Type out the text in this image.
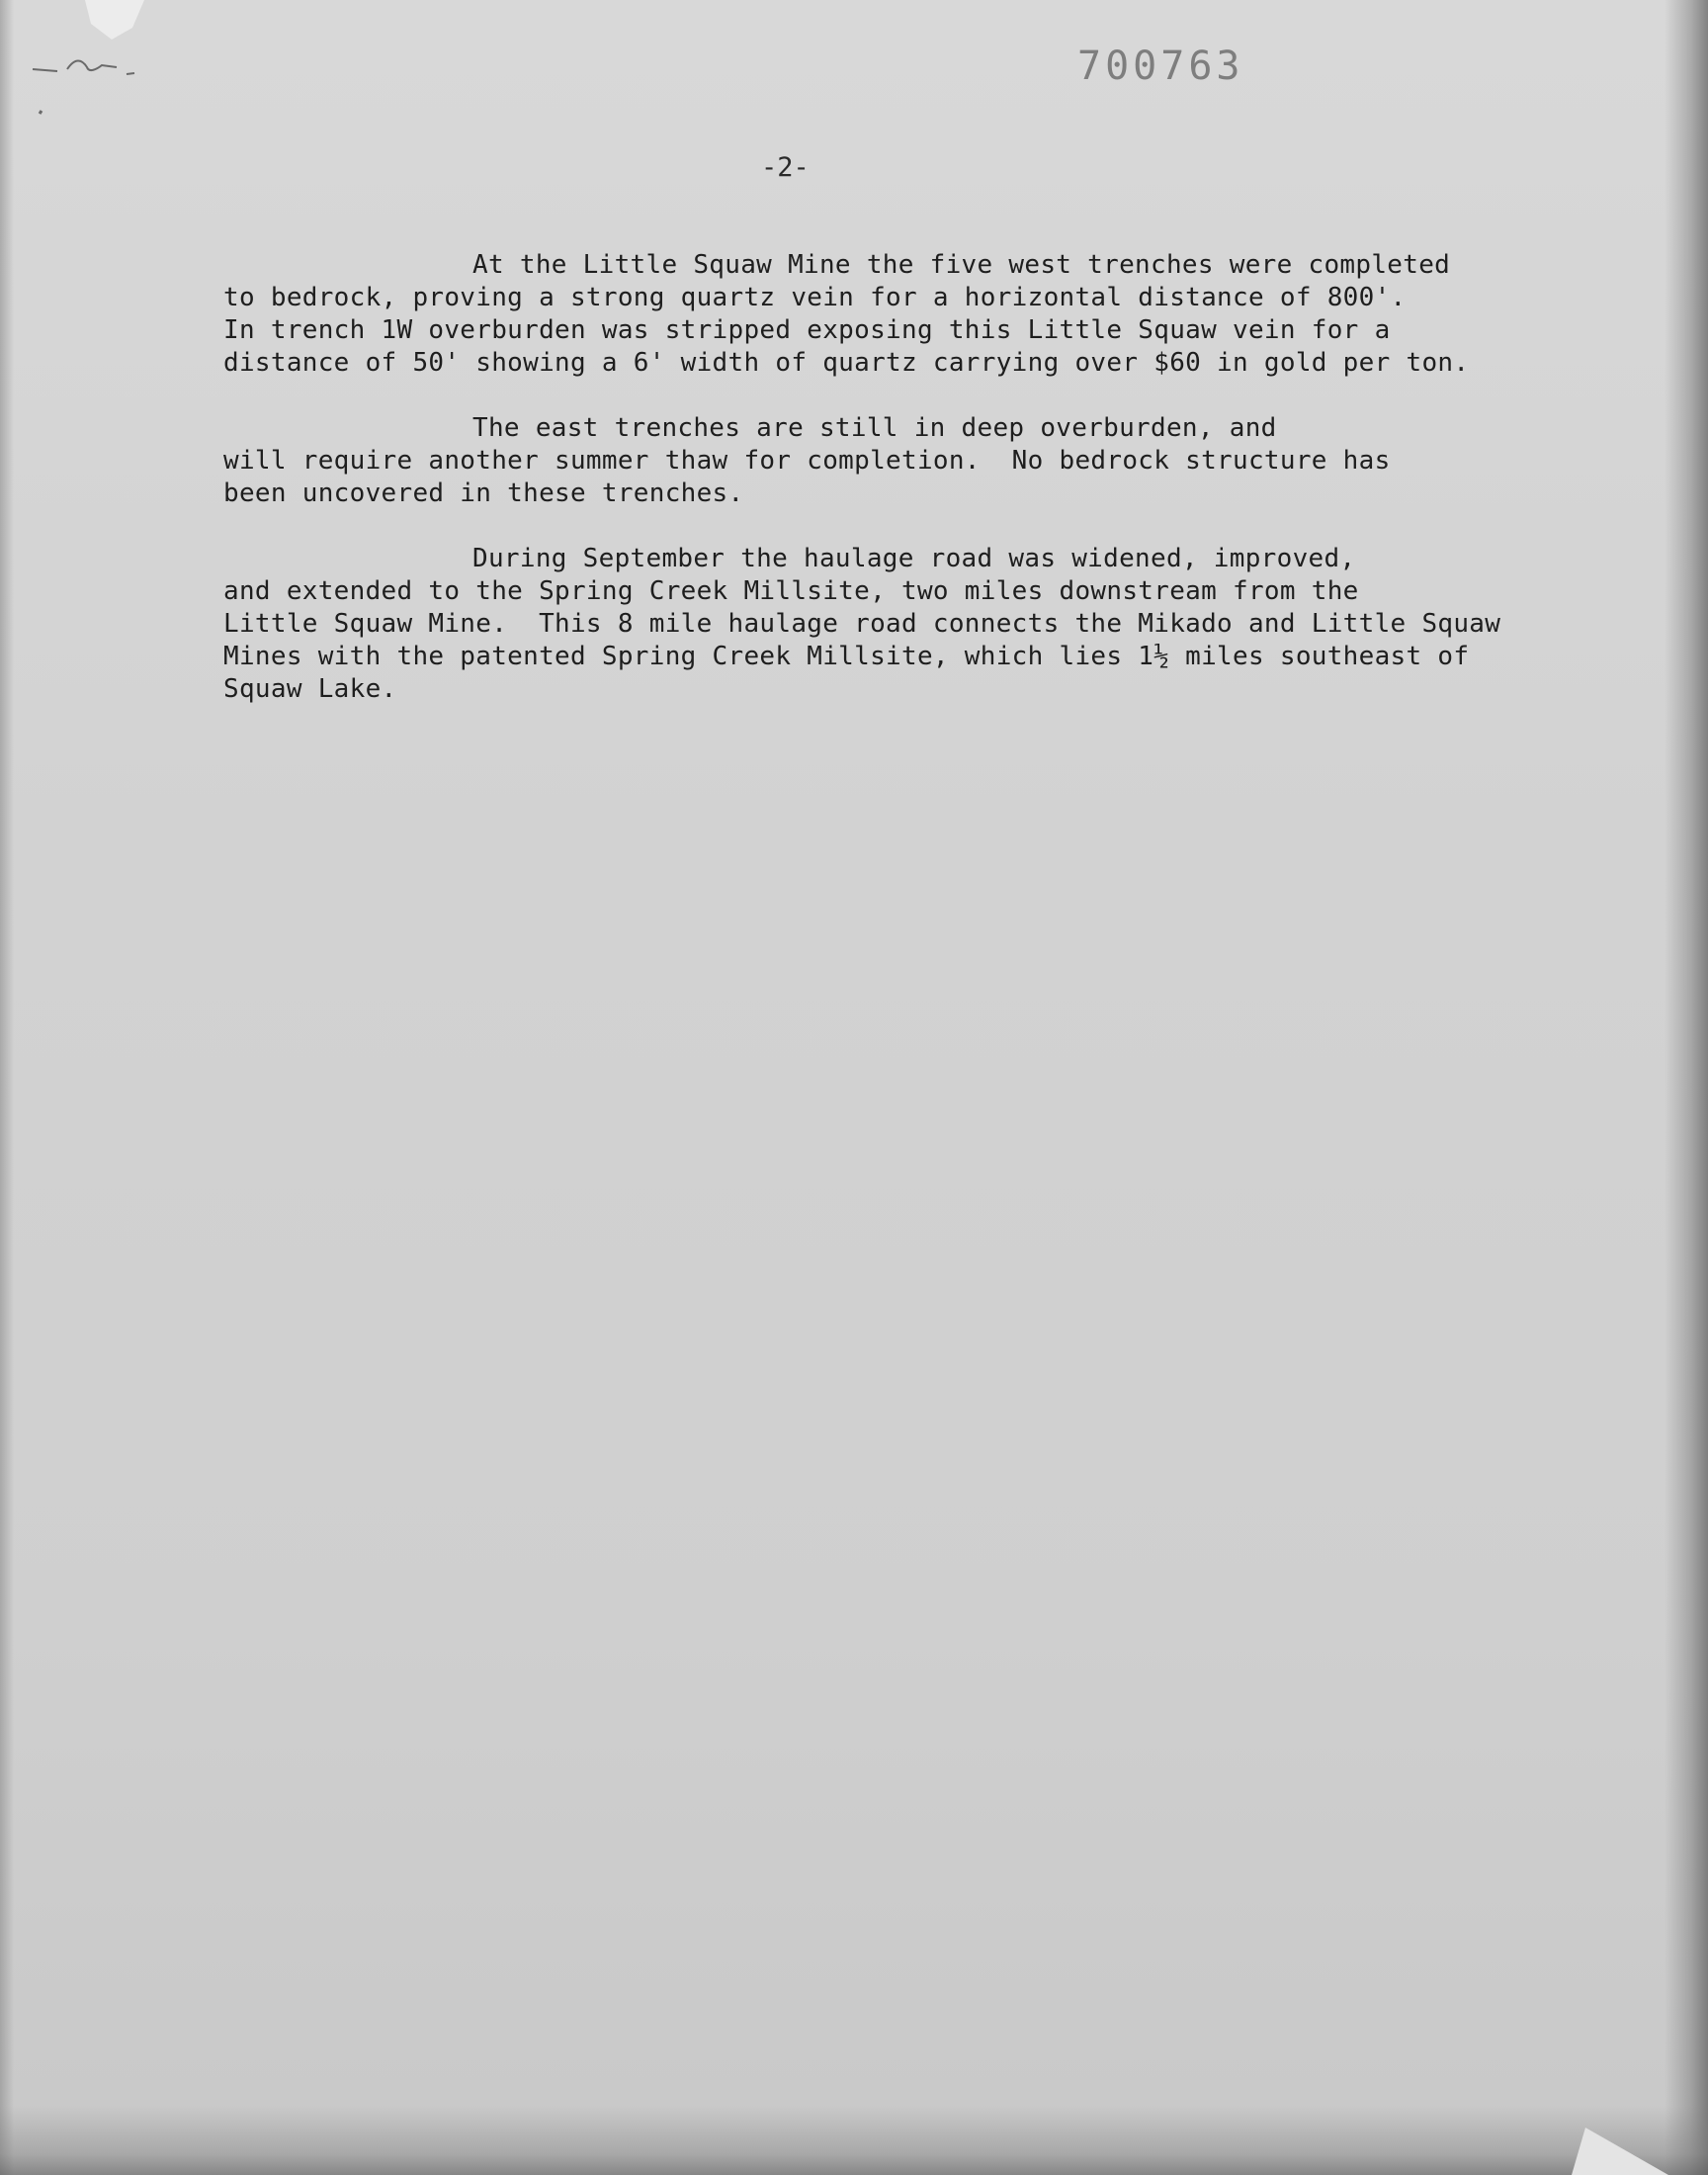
700763
-2-
At the Little Squaw Mine the five west trenches were completed
to bedrock, proving a strong quartz vein for a horizontal distance of 800'.
In trench 1W overburden was stripped exposing this Little Squaw vein for a
distance of 50' showing a 6' width of quartz carrying over $60 in gold per ton.
The east trenches are still in deep overburden, and
will require another summer thaw for completion.  No bedrock structure has
been uncovered in these trenches.
During September the haulage road was widened, improved,
and extended to the Spring Creek Millsite, two miles downstream from the
Little Squaw Mine.  This 8 mile haulage road connects the Mikado and Little Squaw
Mines with the patented Spring Creek Millsite, which lies 1½ miles southeast of
Squaw Lake.
